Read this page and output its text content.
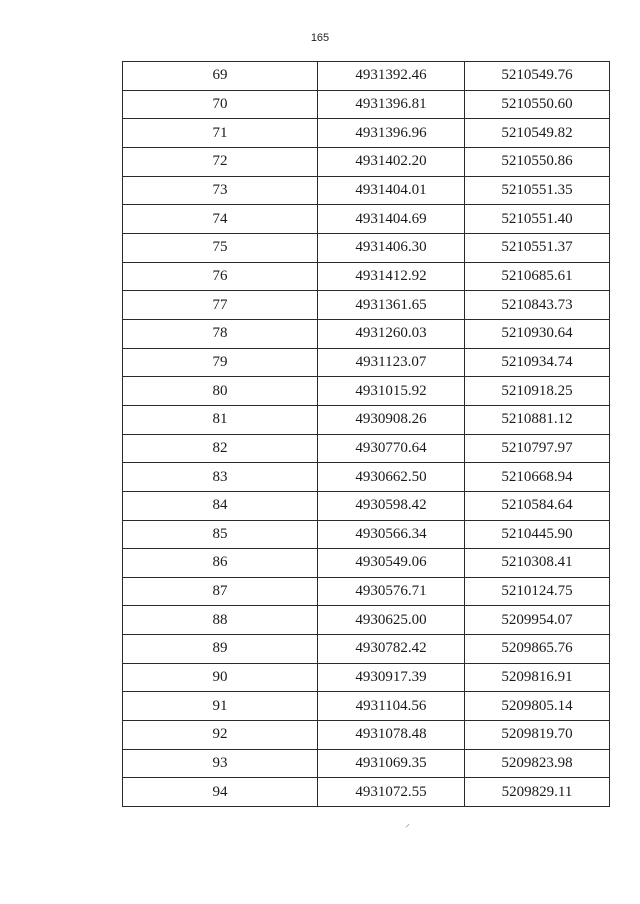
165
69	4931392.46	5210549.76
70	4931396.81	5210550.60
71	4931396.96	5210549.82
72	4931402.20	5210550.86
73	4931404.01	5210551.35
74	4931404.69	5210551.40
75	4931406.30	5210551.37
76	4931412.92	5210685.61
77	4931361.65	5210843.73
78	4931260.03	5210930.64
79	4931123.07	5210934.74
80	4931015.92	5210918.25
81	4930908.26	5210881.12
82	4930770.64	5210797.97
83	4930662.50	5210668.94
84	4930598.42	5210584.64
85	4930566.34	5210445.90
86	4930549.06	5210308.41
87	4930576.71	5210124.75
88	4930625.00	5209954.07
89	4930782.42	5209865.76
90	4930917.39	5209816.91
91	4931104.56	5209805.14
92	4931078.48	5209819.70
93	4931069.35	5209823.98
94	4931072.55	5209829.11
⸍
